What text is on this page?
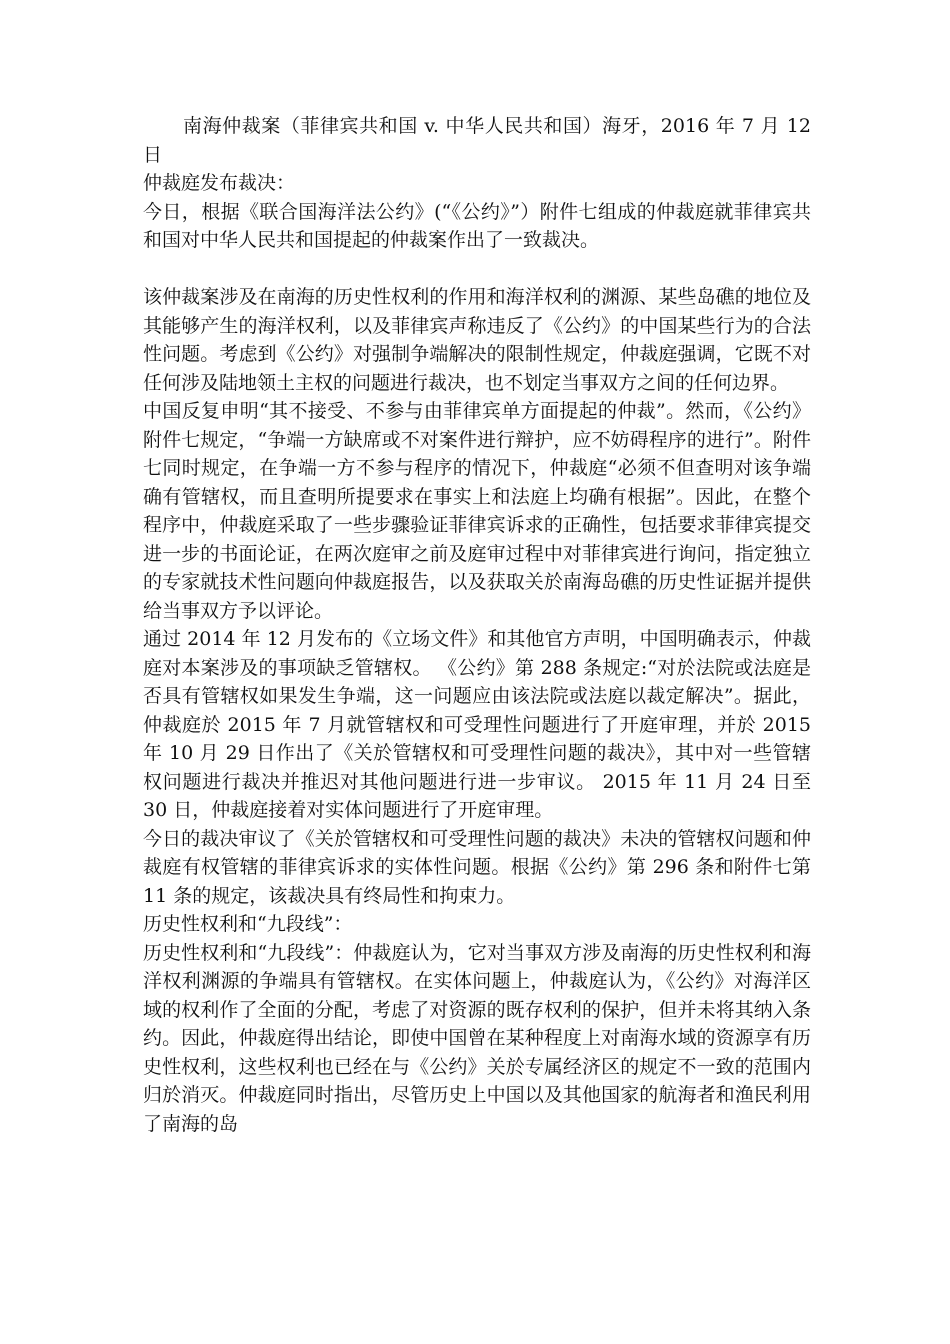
南海仲裁案（菲律宾共和国 v. 中华人民共和国）海牙，2016 年 7 月 12 日

仲裁庭发布裁决：

今日，根据《联合国海洋法公约》(“《公约》”）附件七组成的仲裁庭就菲律宾共和国对中华人民共和国提起的仲裁案作出了一致裁决。

该仲裁案涉及在南海的历史性权利的作用和海洋权利的渊源、某些岛礁的地位及其能够产生的海洋权利，以及菲律宾声称违反了《公约》的中国某些行为的合法性问题。考虑到《公约》对强制争端解决的限制性规定，仲裁庭强调，它既不对任何涉及陆地领土主权的问题进行裁决，也不划定当事双方之间的任何边界。

中国反复申明“其不接受、不参与由菲律宾单方面提起的仲裁”。然而，《公约》附件七规定，“争端一方缺席或不对案件进行辩护，应不妨碍程序的进行”。附件七同时规定，在争端一方不参与程序的情况下，仲裁庭“必须不但查明对该争端确有管辖权，而且查明所提要求在事实上和法庭上均确有根据”。因此，在整个程序中，仲裁庭采取了一些步骤验证菲律宾诉求的正确性，包括要求菲律宾提交进一步的书面论证，在两次庭审之前及庭审过程中对菲律宾进行询问，指定独立的专家就技术性问题向仲裁庭报告，以及获取关於南海岛礁的历史性证据并提供给当事双方予以评论。

通过 2014 年 12 月发布的《立场文件》和其他官方声明，中国明确表示，仲裁庭对本案涉及的事项缺乏管辖权。 《公约》第 288 条规定:“对於法院或法庭是否具有管辖权如果发生争端，这一问题应由该法院或法庭以裁定解决”。据此，仲裁庭於 2015 年 7 月就管辖权和可受理性问题进行了开庭审理，并於 2015 年 10 月 29 日作出了《关於管辖权和可受理性问题的裁决》，其中对一些管辖权问题进行裁决并推迟对其他问题进行进一步审议。 2015 年 11 月 24 日至 30 日，仲裁庭接着对实体问题进行了开庭审理。

今日的裁决审议了《关於管辖权和可受理性问题的裁决》未决的管辖权问题和仲裁庭有权管辖的菲律宾诉求的实体性问题。根据《公约》第 296 条和附件七第 11 条的规定，该裁决具有终局性和拘束力。

历史性权利和“九段线”：

历史性权利和“九段线”：仲裁庭认为，它对当事双方涉及南海的历史性权利和海洋权利渊源的争端具有管辖权。在实体问题上，仲裁庭认为，《公约》对海洋区域的权利作了全面的分配，考虑了对资源的既存权利的保护，但并未将其纳入条约。因此，仲裁庭得出结论，即使中国曾在某种程度上对南海水域的资源享有历史性权利，这些权利也已经在与《公约》关於专属经济区的规定不一致的范围内归於消灭。仲裁庭同时指出，尽管历史上中国以及其他国家的航海者和渔民利用了南海的岛
